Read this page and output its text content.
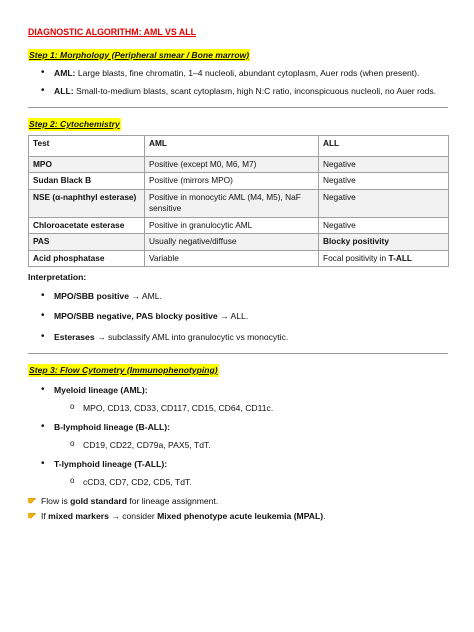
DIAGNOSTIC ALGORITHM: AML VS ALL
Step 1: Morphology (Peripheral smear / Bone marrow)
• AML: Large blasts, fine chromatin, 1–4 nucleoli, abundant cytoplasm, Auer rods (when present).
• ALL: Small-to-medium blasts, scant cytoplasm, high N:C ratio, inconspicuous nucleoli, no Auer rods.
Step 2: Cytochemistry
Test	AML	ALL
MPO	Positive (except M0, M6, M7)	Negative
Sudan Black B	Positive (mirrors MPO)	Negative
NSE (α-naphthyl esterase)	Positive in monocytic AML (M4, M5), NaF sensitive	Negative
Chloroacetate esterase	Positive in granulocytic AML	Negative
PAS	Usually negative/diffuse	Blocky positivity
Acid phosphatase	Variable	Focal positivity in T-ALL
Interpretation:
• MPO/SBB positive → AML.
• MPO/SBB negative, PAS blocky positive → ALL.
• Esterases → subclassify AML into granulocytic vs monocytic.
Step 3: Flow Cytometry (Immunophenotyping)
• Myeloid lineage (AML):
o MPO, CD13, CD33, CD117, CD15, CD64, CD11c.
• B-lymphoid lineage (B-ALL):
o CD19, CD22, CD79a, PAX5, TdT.
• T-lymphoid lineage (T-ALL):
o cCD3, CD7, CD2, CD5, TdT.
Flow is gold standard for lineage assignment.
If mixed markers → consider Mixed phenotype acute leukemia (MPAL).
